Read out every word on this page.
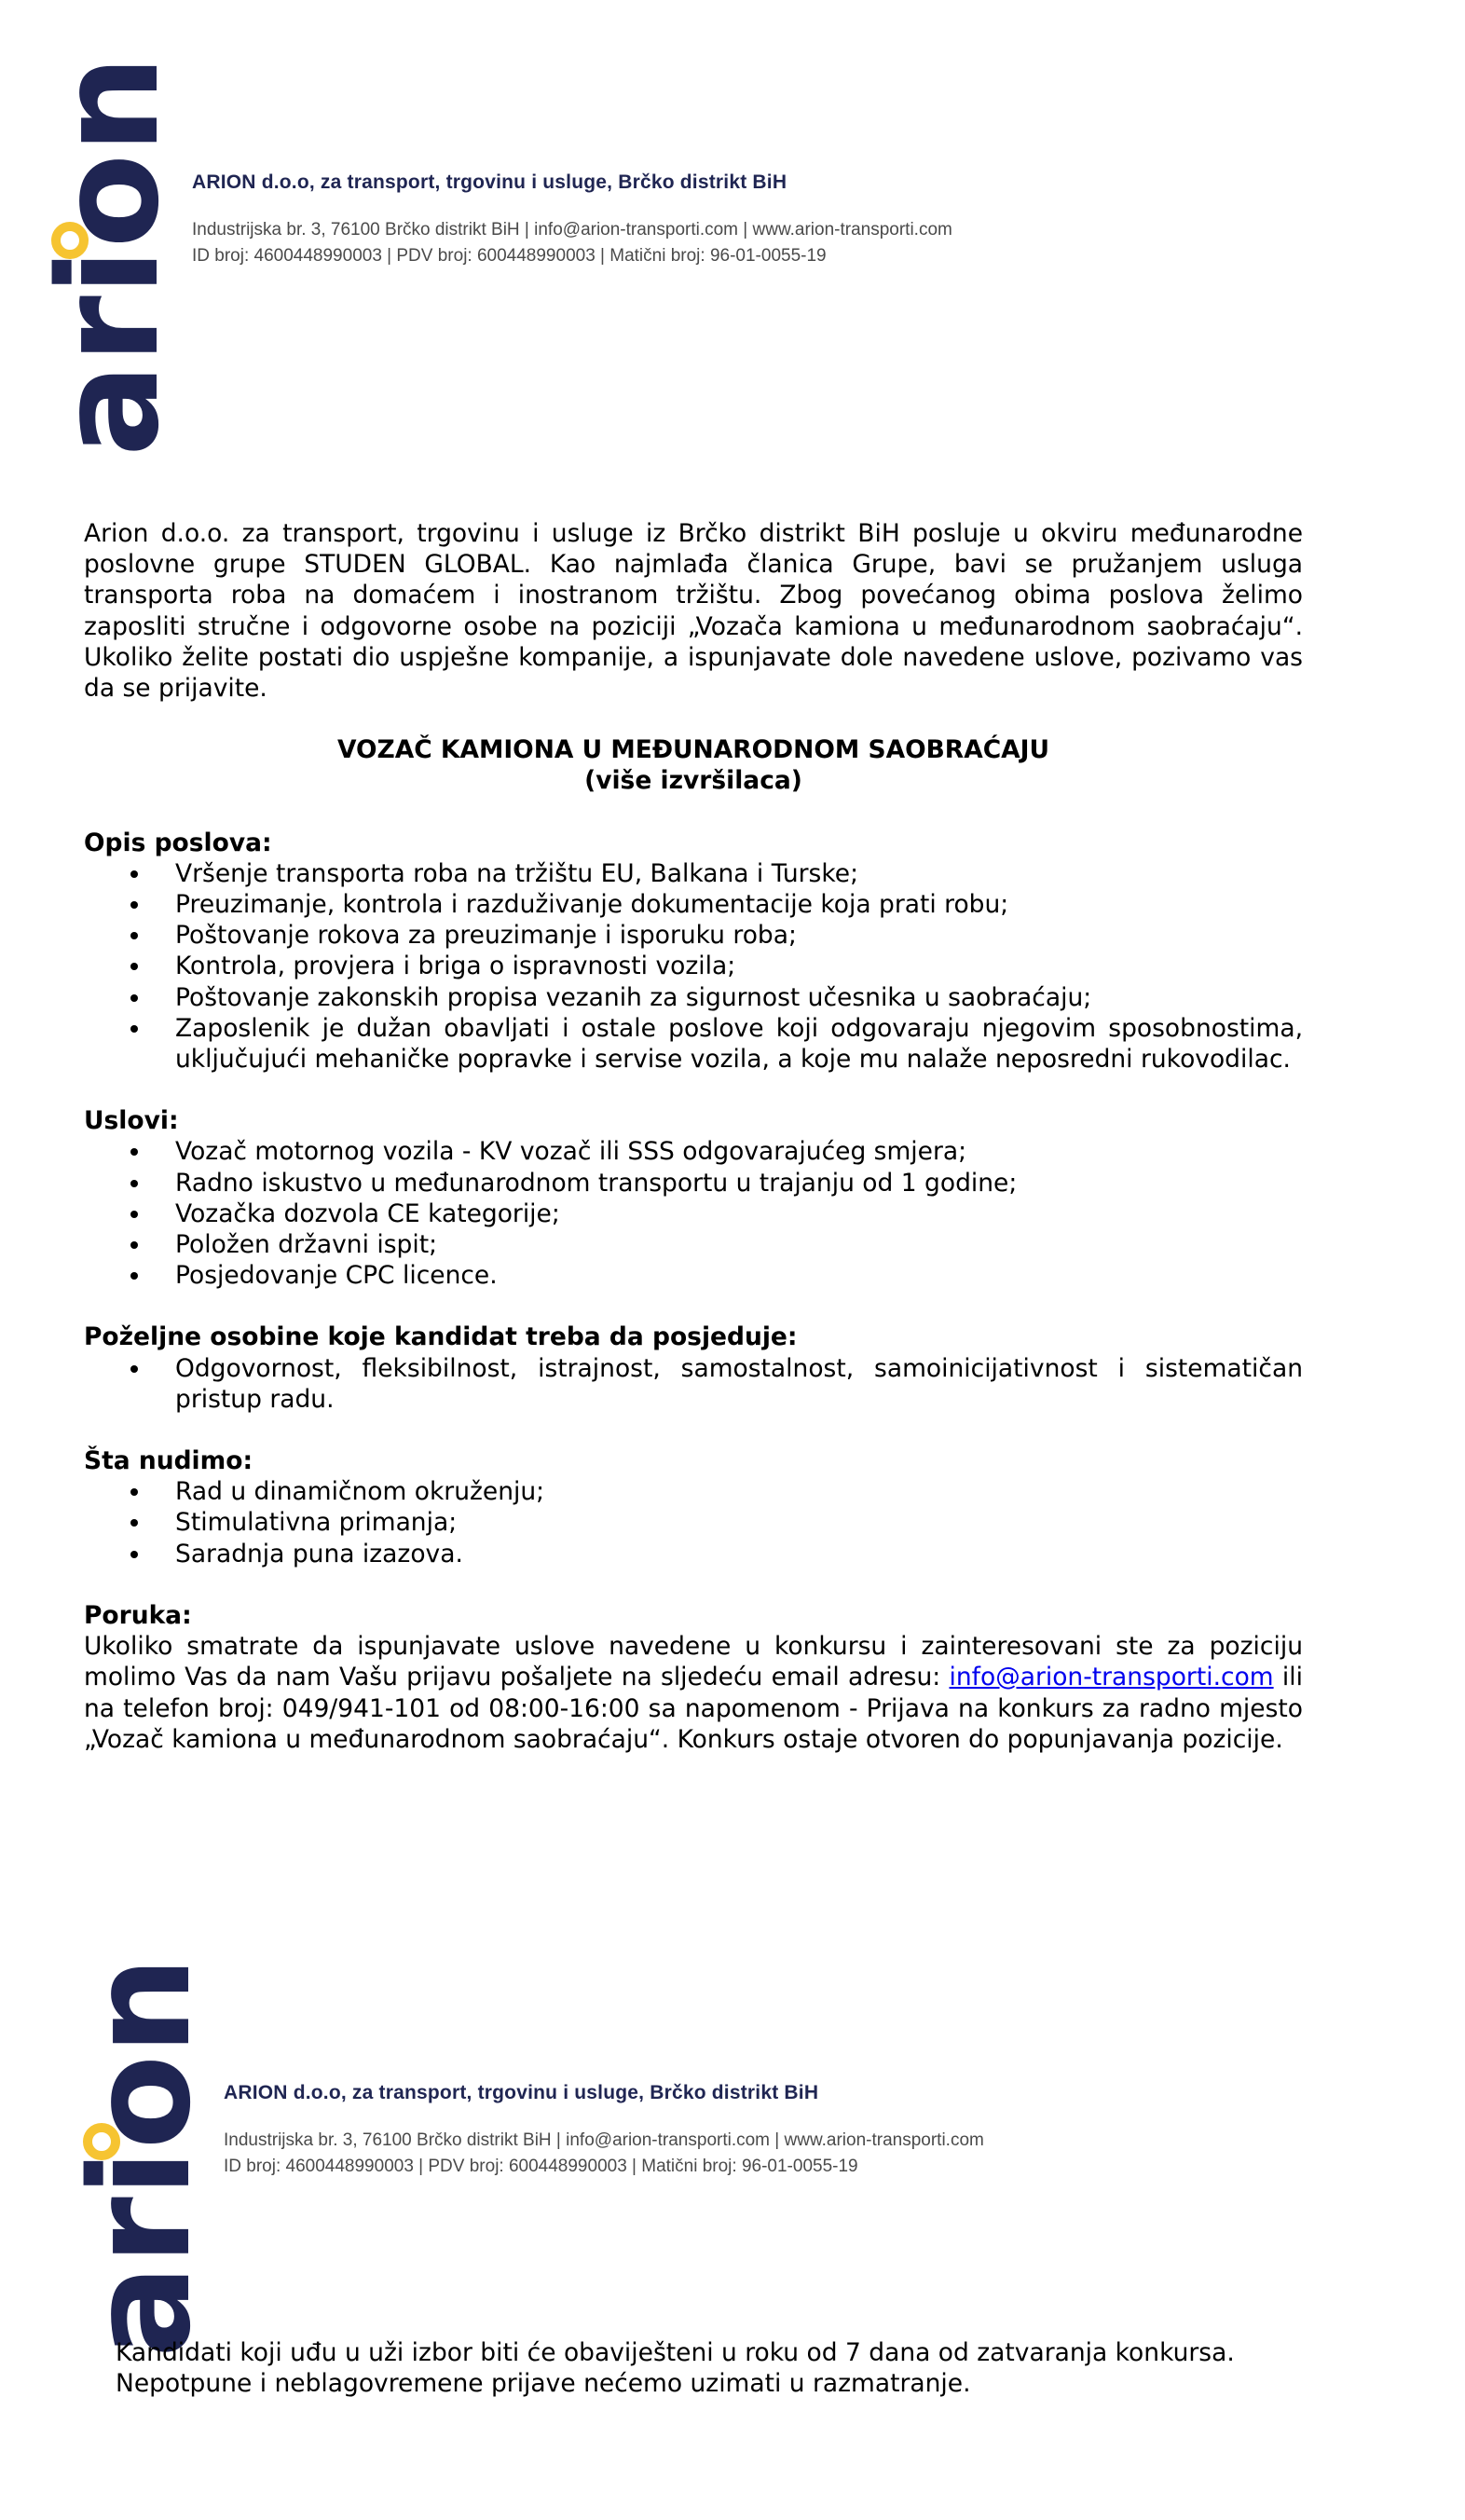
arion ARION d.o.o, za transport, trgovinu i usluge, Brčko distrikt BiH
Industrijska br. 3, 76100 Brčko distrikt BiH | info@arion-transporti.com | www.arion-transporti.com
ID broj: 4600448990003 | PDV broj: 600448990003 | Matični broj: 96-01-0055-19

Arion d.o.o. za transport, trgovinu i usluge iz Brčko distrikt BiH posluje u okviru međunarodne poslovne grupe STUDEN GLOBAL. Kao najmlađa članica Grupe, bavi se pružanjem usluga transporta roba na domaćem i inostranom tržištu. Zbog povećanog obima poslova želimo zaposliti stručne i odgovorne osobe na poziciji „Vozača kamiona u međunarodnom saobraćaju“. Ukoliko želite postati dio uspješne kompanije, a ispunjavate dole navedene uslove, pozivamo vas da se prijavite.

VOZAČ KAMIONA U MEĐUNARODNOM SAOBRAĆAJU
(više izvršilaca)

Opis poslova:

Vršenje transporta roba na tržištu EU, Balkana i Turske;
Preuzimanje, kontrola i razduživanje dokumentacije koja prati robu;
Poštovanje rokova za preuzimanje i isporuku roba;
Kontrola, provjera i briga o ispravnosti vozila;
Poštovanje zakonskih propisa vezanih za sigurnost učesnika u saobraćaju;
Zaposlenik je dužan obavljati i ostale poslove koji odgovaraju njegovim sposobnostima, uključujući mehaničke popravke i servise vozila, a koje mu nalaže neposredni rukovodilac.

Uslovi:

Vozač motornog vozila - KV vozač ili SSS odgovarajućeg smjera;
Radno iskustvo u međunarodnom transportu u trajanju od 1 godine;
Vozačka dozvola CE kategorije;
Položen državni ispit;
Posjedovanje CPC licence.

Poželjne osobine koje kandidat treba da posjeduje:

Odgovornost, fleksibilnost, istrajnost, samostalnost, samoinicijativnost i sistematičan pristup radu.

Šta nudimo:

Rad u dinamičnom okruženju;
Stimulativna primanja;
Saradnja puna izazova.

Poruka:

Ukoliko smatrate da ispunjavate uslove navedene u konkursu i zainteresovani ste za poziciju molimo Vas da nam Vašu prijavu pošaljete na sljedeću email adresu: info@arion-transporti.com ili na telefon broj: 049/941-101 od 08:00-16:00 sa napomenom - Prijava na konkurs za radno mjesto „Vozač kamiona u međunarodnom saobraćaju“. Konkurs ostaje otvoren do popunjavanja pozicije.

arion ARION d.o.o, za transport, trgovinu i usluge, Brčko distrikt BiH
Industrijska br. 3, 76100 Brčko distrikt BiH | info@arion-transporti.com | www.arion-transporti.com
ID broj: 4600448990003 | PDV broj: 600448990003 | Matični broj: 96-01-0055-19

Kandidati koji uđu u uži izbor biti će obaviješteni u roku od 7 dana od zatvaranja konkursa.

Nepotpune i neblagovremene prijave nećemo uzimati u razmatranje.
